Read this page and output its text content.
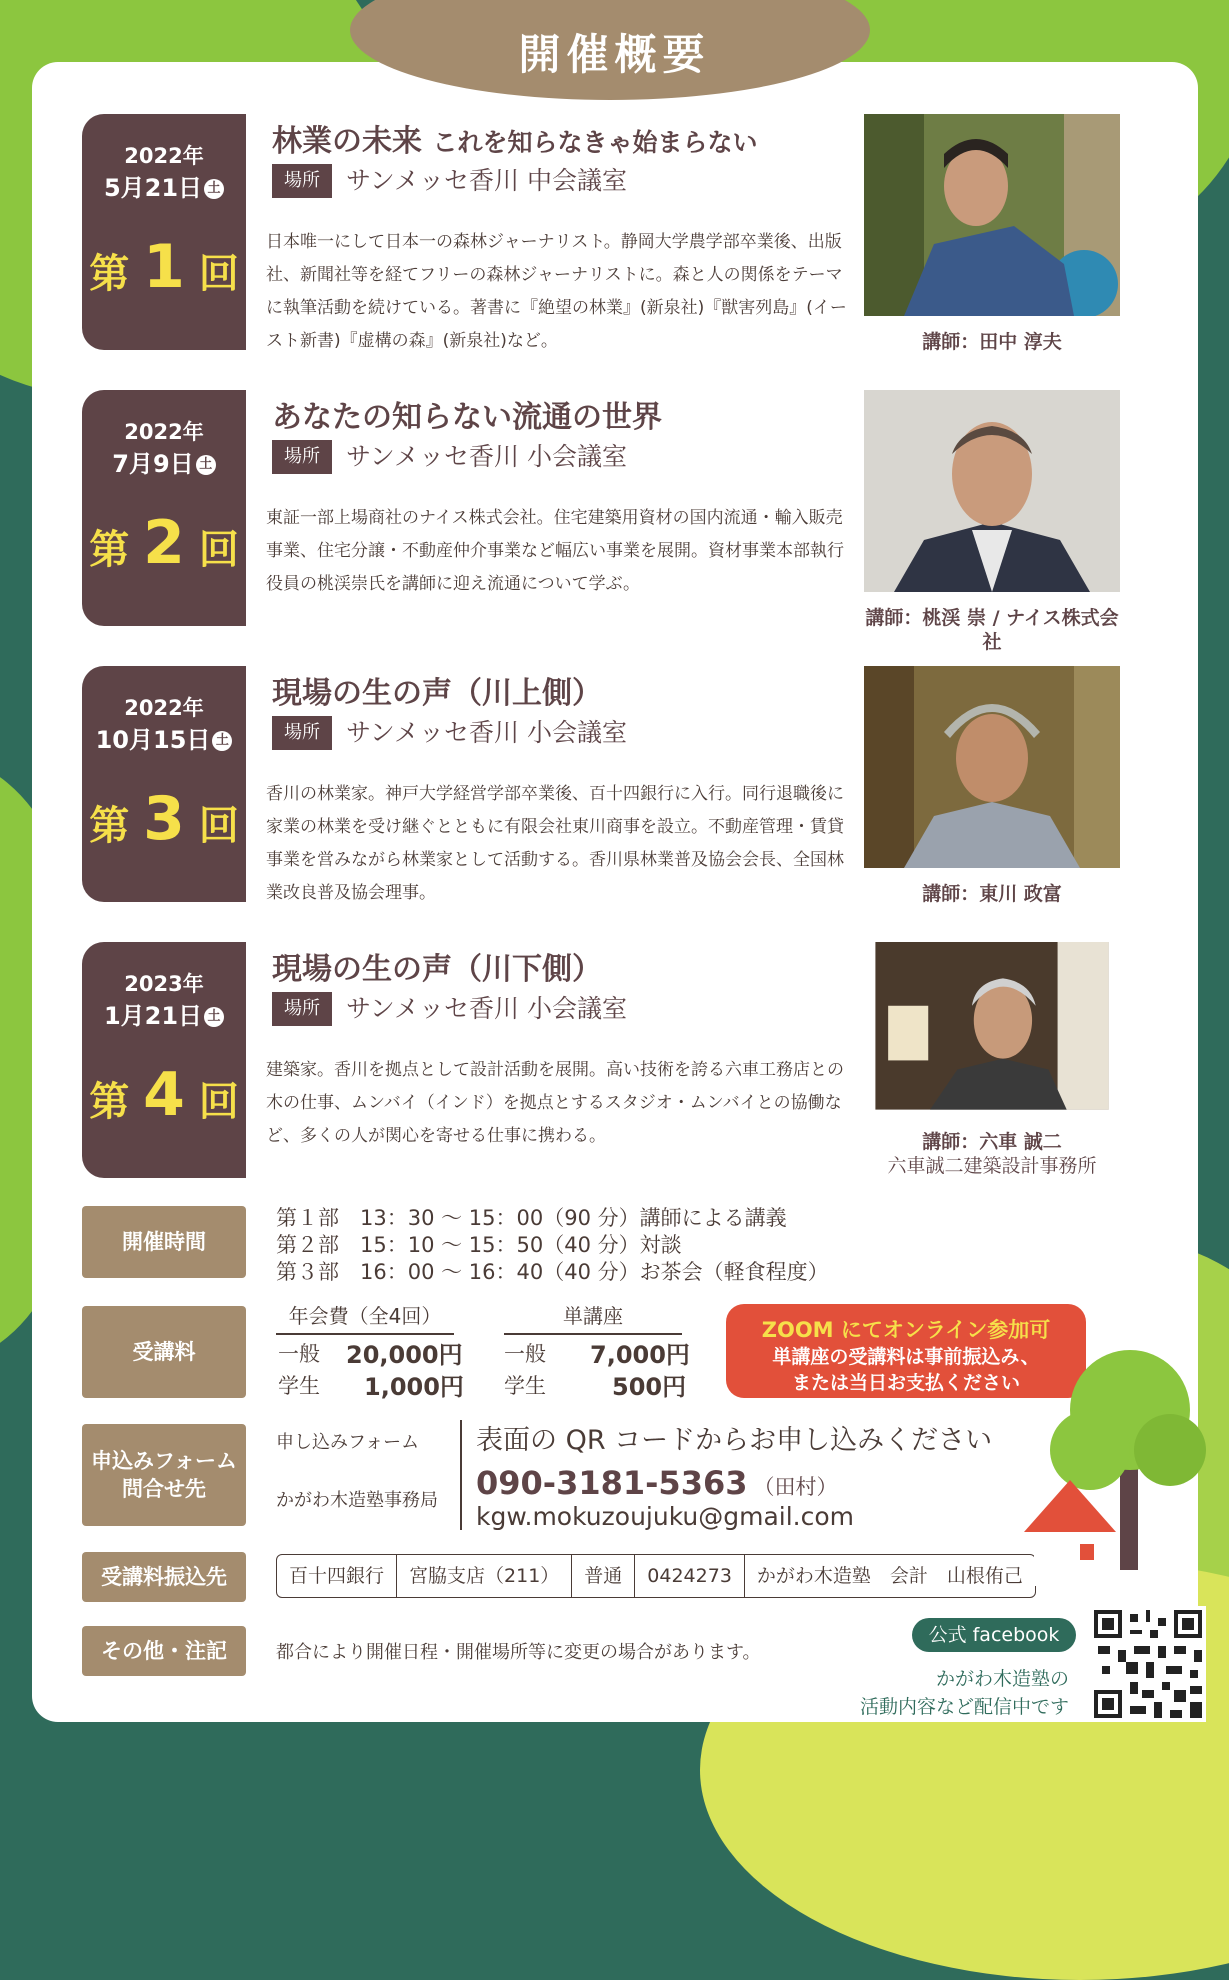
開催概要
2022年
5月21日 土
第 1 回
林業の未来 これを知らなきゃ始まらない
場所	サンメッセ香川 中会議室
日本唯一にして日本一の森林ジャーナリスト。静岡大学農学部卒業後、出版社、新聞社等を経てフリーの森林ジャーナリストに。森と人の関係をテーマに執筆活動を続けている。著書に『絶望の林業』(新泉社)『獣害列島』(イースト新書)『虚構の森』(新泉社)など。	講師：田中 淳夫
2022年
7月9日 土
第 2 回
あなたの知らない流通の世界
場所	サンメッセ香川 小会議室
東証一部上場商社のナイス株式会社。住宅建築用資材の国内流通・輸入販売事業、住宅分譲・不動産仲介事業など幅広い事業を展開。資材事業本部執行役員の桃渓崇氏を講師に迎え流通について学ぶ。
講師：桃渓 崇 / ナイス株式会社
2022年
10月15日 土
第 3 回
現場の生の声（川上側）
場所	サンメッセ香川 小会議室
香川の林業家。神戸大学経営学部卒業後、百十四銀行に入行。同行退職後に家業の林業を受け継ぐとともに有限会社東川商事を設立。不動産管理・賃貸 事業を営みながら林業家として活動する。香川県林業普及協会会長、全国林業改良普及協会理事。	講師：東川 政富
2023年
1月21日 土
第 4 回
現場の生の声（川下側）
場所	サンメッセ香川 小会議室
建築家。香川を拠点として設計活動を展開。高い技術を誇る六車工務店との木の仕事、ムンバイ（インド）を拠点とするスタジオ・ムンバイとの協働など、多くの人が関心を寄せる仕事に携わる。	講師：六車 誠二
六車誠二建築設計事務所
開催時間
第１部　13：30 ～ 15：00（90 分）講師による講義
第２部　15：10 ～ 15：50（40 分）対談
第３部　16：00 ～ 16：40（40 分）お茶会（軽食程度）
受講料
年会費（全4回）	単講座
一般 20,000円 一般 7,000円
学生 1,000円 学生	500円
ZOOM にてオンライン参加可
単講座の受講料は事前振込み、
または当日お支払ください
申込みフォーム
問合せ先
申し込みフォーム
かがわ木造塾事務局
表面の QR コードからお申し込みください
090-3181-5363 （田村）
kgw.mokuzoujuku@gmail.com
受講料振込先	百十四銀行	宮脇支店（211）	普通	0424273	かがわ木造塾　会計　山根侑己
その他・注記	都合により開催日程・開催場所等に変更の場合があります。
公式 facebook
かがわ木造塾の
活動内容など配信中です
